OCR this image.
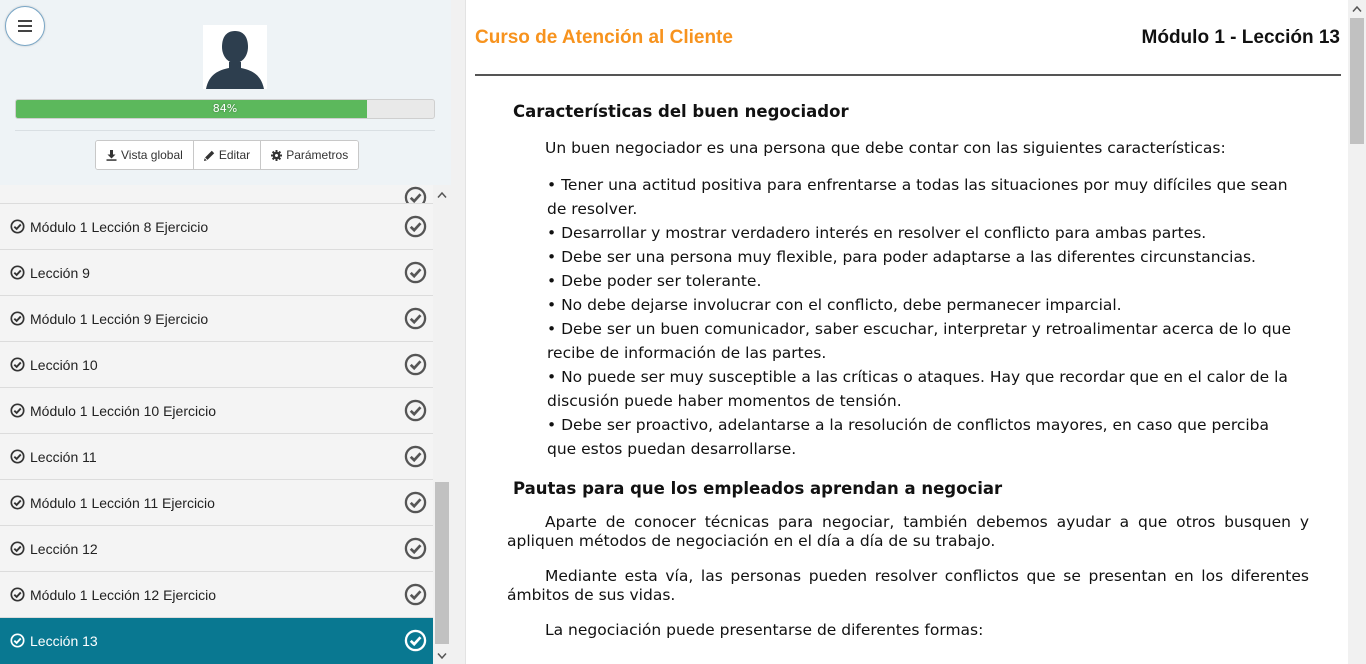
84%
Vista global	Editar	Parámetros
Módulo 1 Lección 8 Ejercicio
Lección 9
Módulo 1 Lección 9 Ejercicio
Lección 10
Módulo 1 Lección 10 Ejercicio
Lección 11
Módulo 1 Lección 11 Ejercicio
Lección 12
Módulo 1 Lección 12 Ejercicio
Lección 13
Curso de Atención al Cliente	Módulo 1 - Lección 13
Características del buen negociador

Un buen negociador es una persona que debe contar con las siguientes características:

• Tener una actitud positiva para enfrentarse a todas las situaciones por muy difíciles que sean de resolver.
• Desarrollar y mostrar verdadero interés en resolver el conflicto para ambas partes.
• Debe ser una persona muy flexible, para poder adaptarse a las diferentes circunstancias.
• Debe poder ser tolerante.
• No debe dejarse involucrar con el conflicto, debe permanecer imparcial.
• Debe ser un buen comunicador, saber escuchar, interpretar y retroalimentar acerca de lo que recibe de información de las partes.
• No puede ser muy susceptible a las críticas o ataques. Hay que recordar que en el calor de la discusión puede haber momentos de tensión.
• Debe ser proactivo, adelantarse a la resolución de conflictos mayores, en caso que perciba que estos puedan desarrollarse.
Pautas para que los empleados aprendan a negociar

Aparte de conocer técnicas para negociar, también debemos ayudar a que otros busquen y apliquen métodos de negociación en el día a día de su trabajo.

Mediante esta vía, las personas pueden resolver conflictos que se presentan en los diferentes ámbitos de sus vidas.

La negociación puede presentarse de diferentes formas:
